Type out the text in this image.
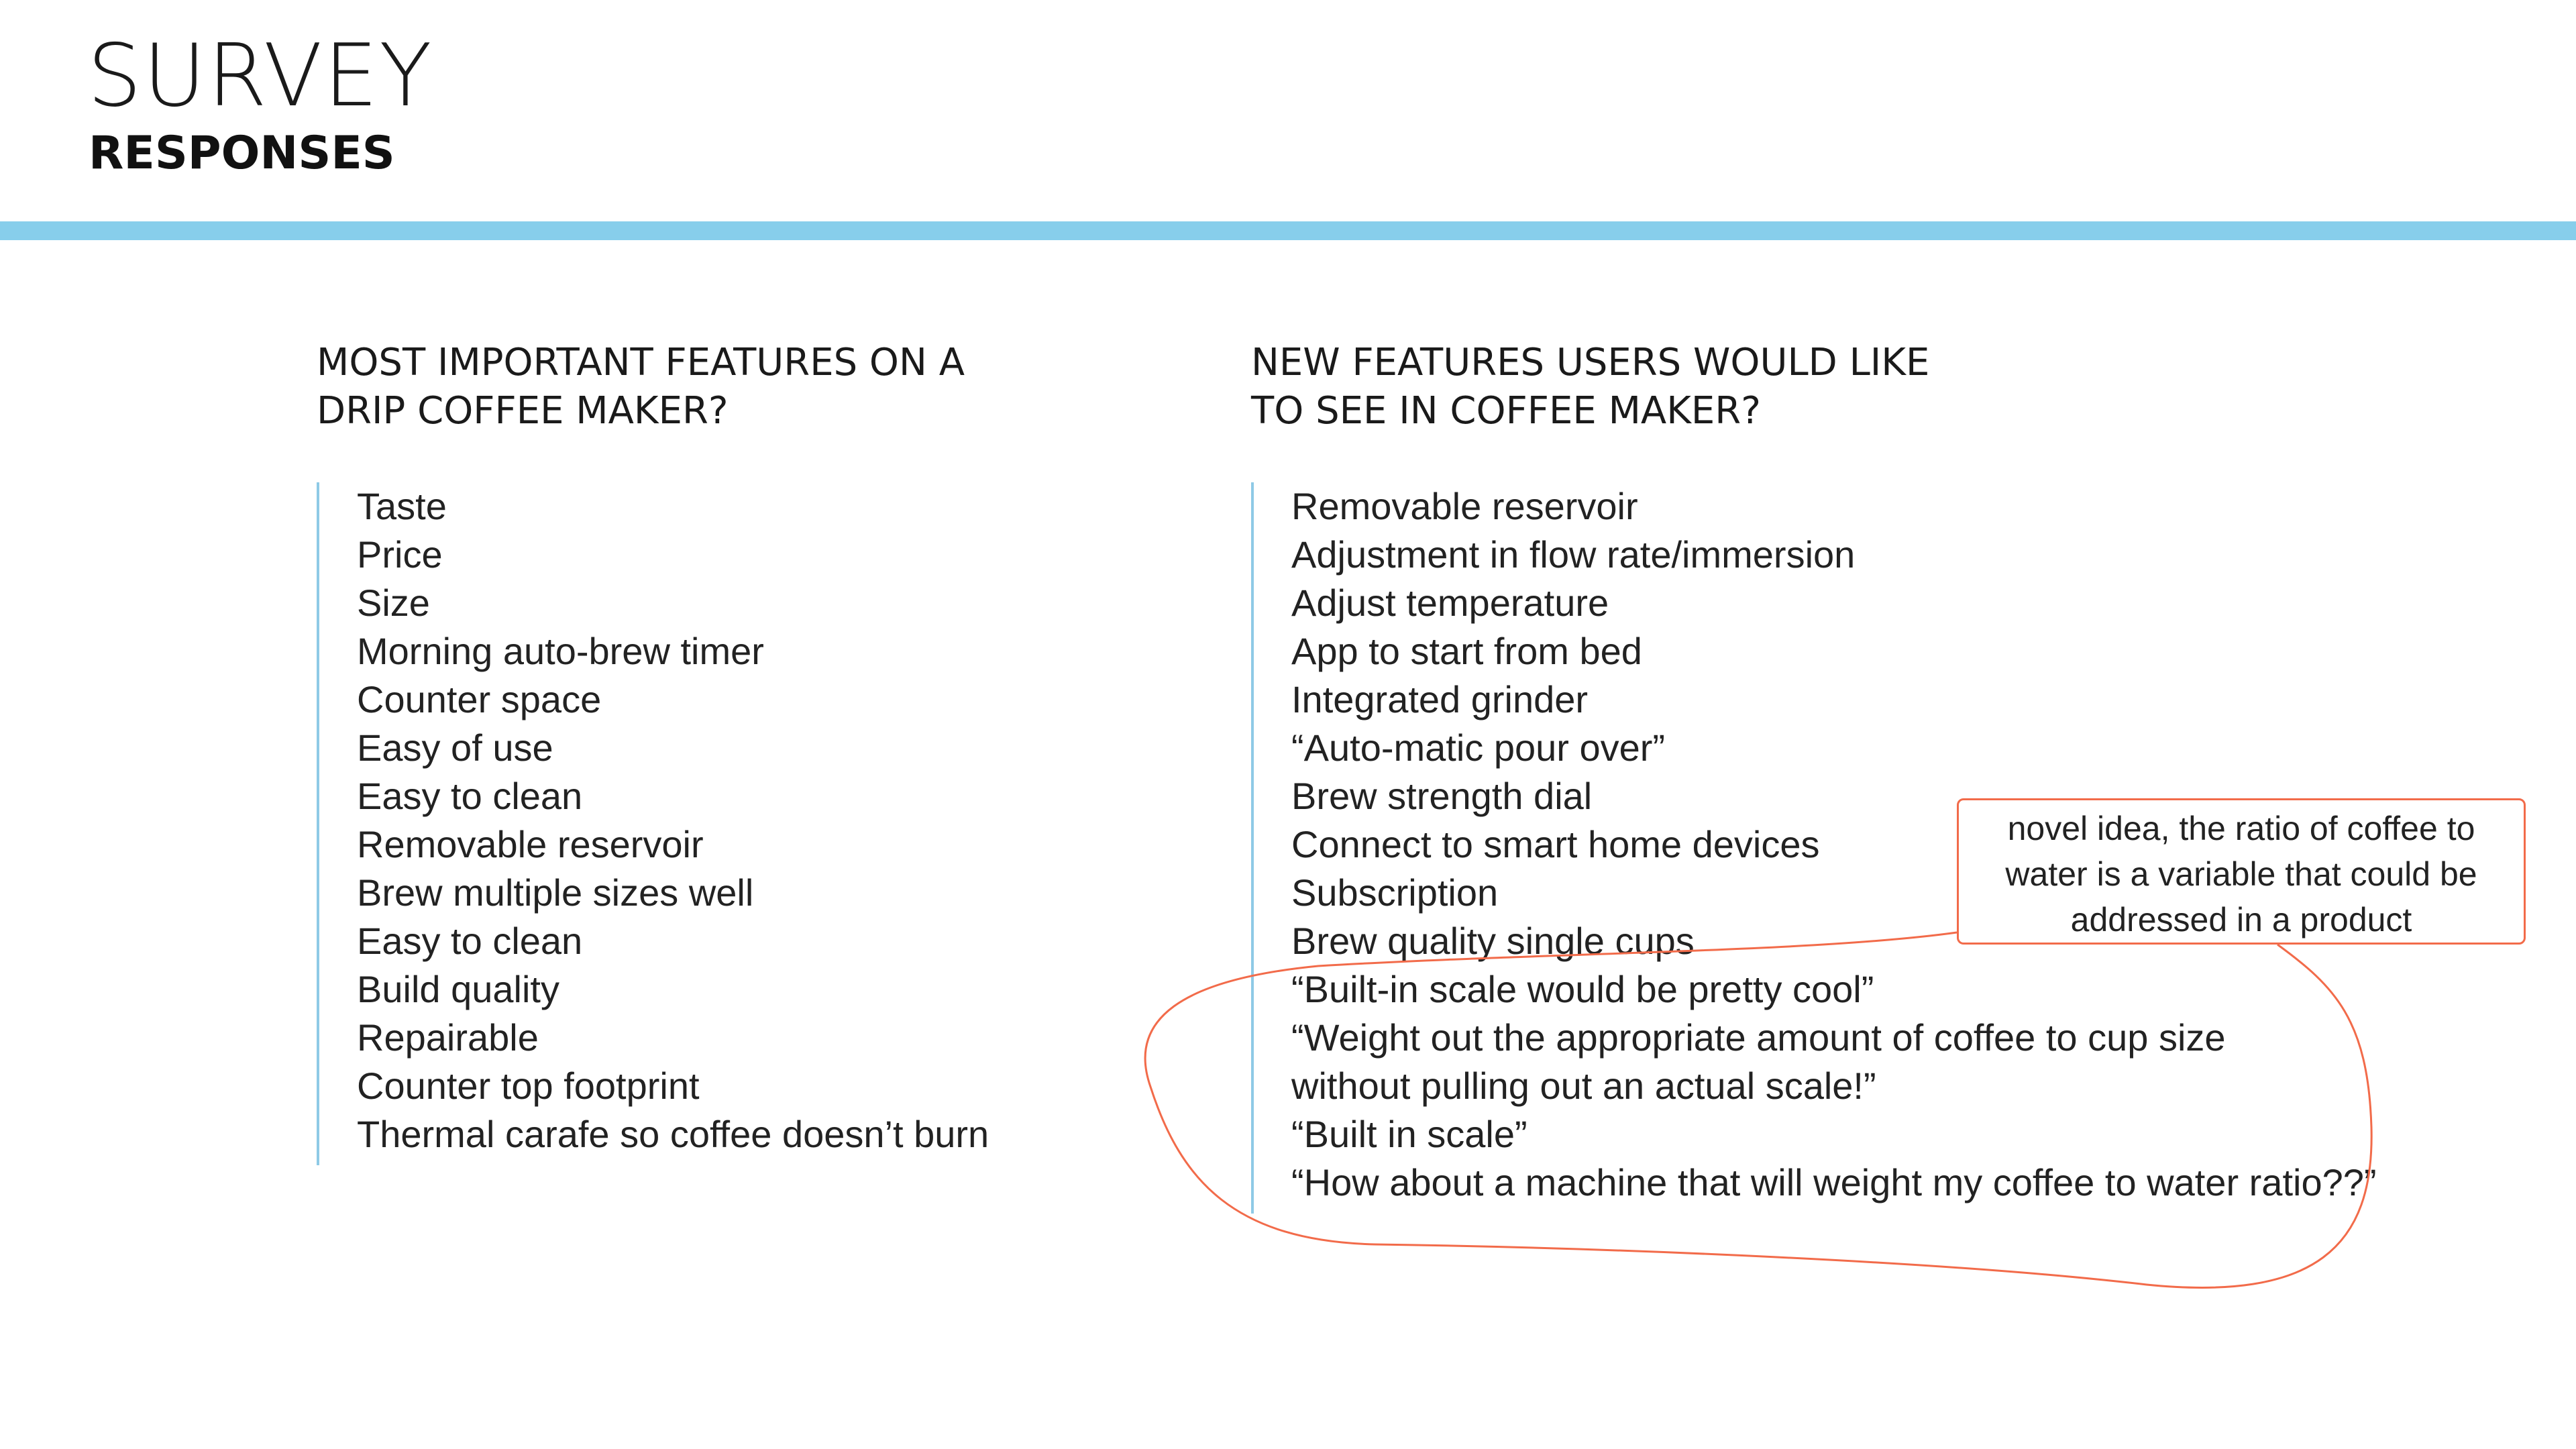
SURVEY
RESPONSES
MOST IMPORTANT FEATURES ON A
DRIP COFFEE MAKER?
Taste
Price
Size
Morning auto-brew timer
Counter space
Easy of use
Easy to clean
Removable reservoir
Brew multiple sizes well
Easy to clean
Build quality
Repairable
Counter top footprint
Thermal carafe so coffee doesn’t burn
NEW FEATURES USERS WOULD LIKE
TO SEE IN COFFEE MAKER?
Removable reservoir
Adjustment in flow rate/immersion
Adjust temperature
App to start from bed
Integrated grinder
“Auto-matic pour over”
Brew strength dial
Connect to smart home devices
Subscription
Brew quality single cups
“Built-in scale would be pretty cool”
“Weight out the appropriate amount of coffee to cup size without pulling out an actual scale!”
“Built in scale”
“How about a machine that will weight my coffee to water ratio??”
novel idea, the ratio of coffee to water is a variable that could be addressed in a product
